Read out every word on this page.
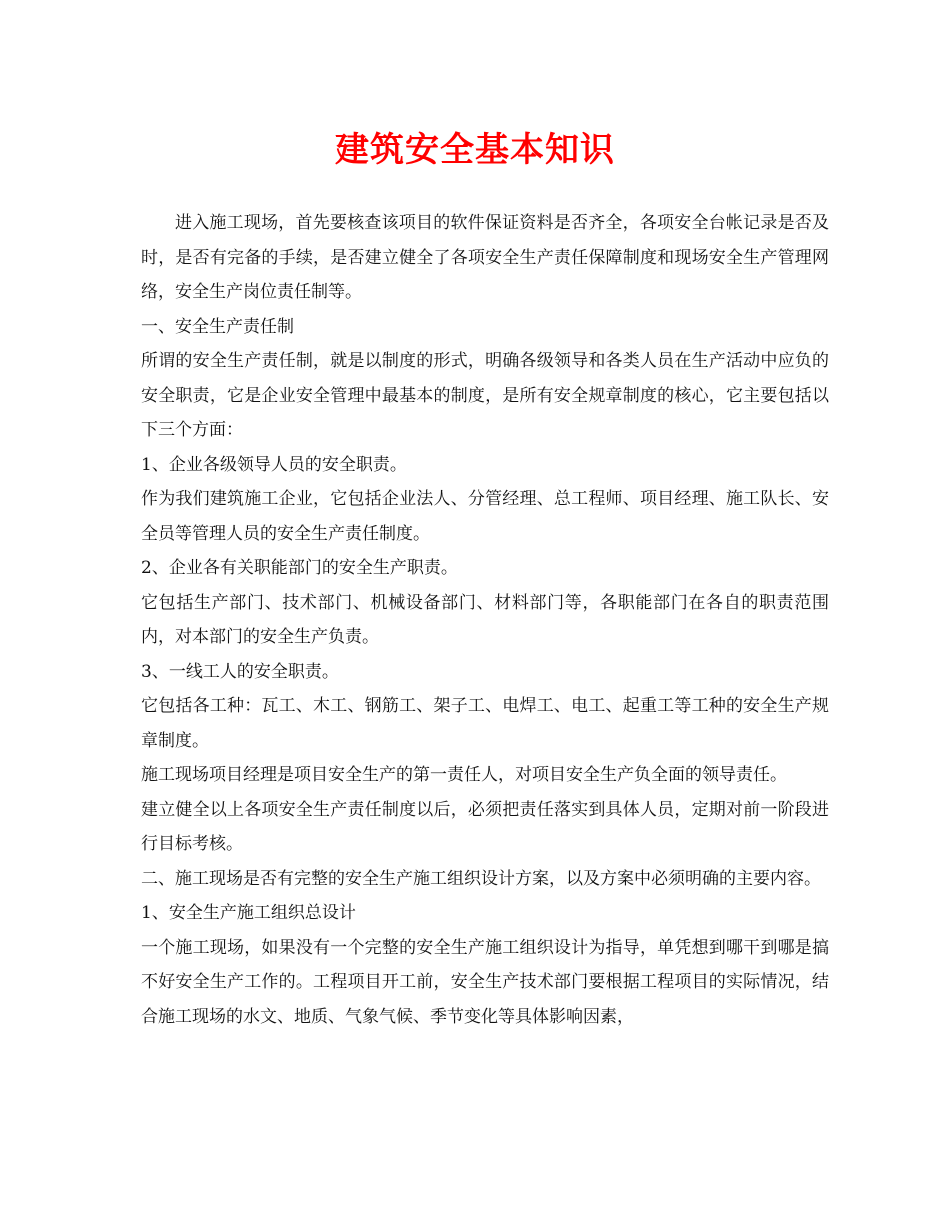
建筑安全基本知识

进入施工现场，首先要核查该项目的软件保证资料是否齐全，各项安全台帐记录是否及时，是否有完备的手续，是否建立健全了各项安全生产责任保障制度和现场安全生产管理网络，安全生产岗位责任制等。

一、安全生产责任制

所谓的安全生产责任制，就是以制度的形式，明确各级领导和各类人员在生产活动中应负的安全职责，它是企业安全管理中最基本的制度，是所有安全规章制度的核心，它主要包括以下三个方面：

1、企业各级领导人员的安全职责。

作为我们建筑施工企业，它包括企业法人、分管经理、总工程师、项目经理、施工队长、安全员等管理人员的安全生产责任制度。

2、企业各有关职能部门的安全生产职责。

它包括生产部门、技术部门、机械设备部门、材料部门等，各职能部门在各自的职责范围内，对本部门的安全生产负责。

3、一线工人的安全职责。

它包括各工种：瓦工、木工、钢筋工、架子工、电焊工、电工、起重工等工种的安全生产规章制度。

施工现场项目经理是项目安全生产的第一责任人，对项目安全生产负全面的领导责任。

建立健全以上各项安全生产责任制度以后，必须把责任落实到具体人员，定期对前一阶段进行目标考核。

二、施工现场是否有完整的安全生产施工组织设计方案，以及方案中必须明确的主要内容。

1、安全生产施工组织总设计

一个施工现场，如果没有一个完整的安全生产施工组织设计为指导，单凭想到哪干到哪是搞不好安全生产工作的。工程项目开工前，安全生产技术部门要根据工程项目的实际情况，结合施工现场的水文、地质、气象气候、季节变化等具体影响因素，
